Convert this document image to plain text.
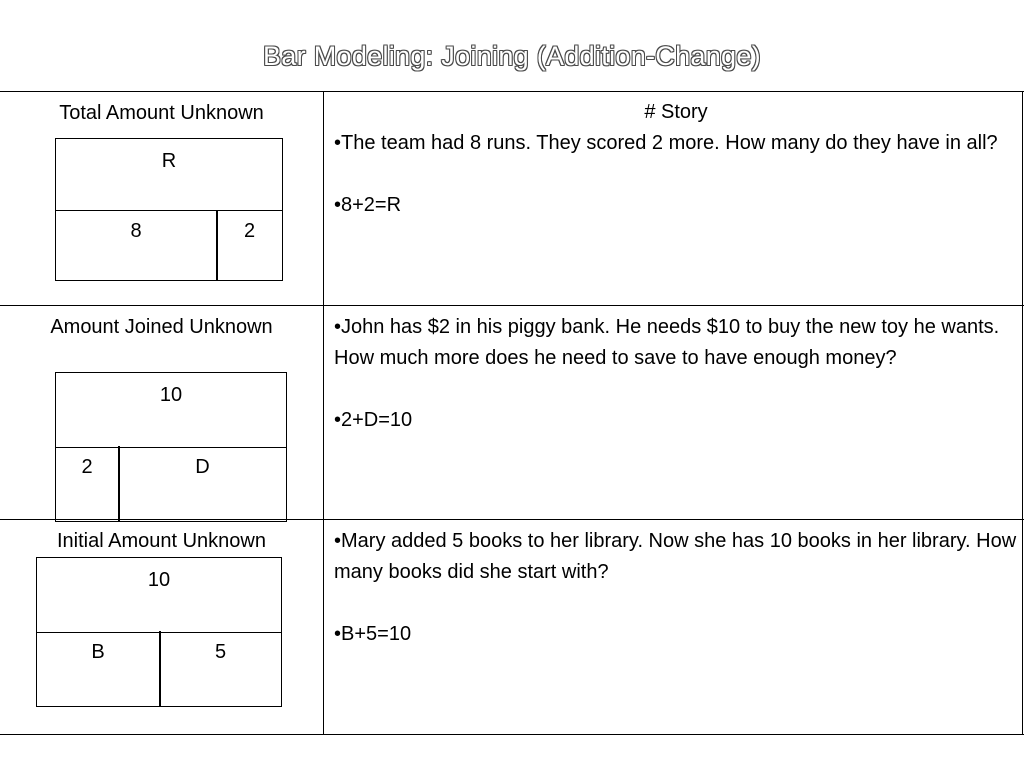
Bar Modeling: Joining (Addition-Change)
Total Amount Unknown
R
8	2
# Story
•The team had 8 runs. They scored 2 more. How many do they have in all?
•8+2=R
Amount Joined Unknown
10
2	D
•John has $2 in his piggy bank. He needs $10 to buy the new toy he wants. How much more does he need to save to have enough money?
•2+D=10
Initial Amount Unknown
10
B	5
•Mary added 5 books to her library. Now she has 10 books in her library. How many books did she start with?
•B+5=10
